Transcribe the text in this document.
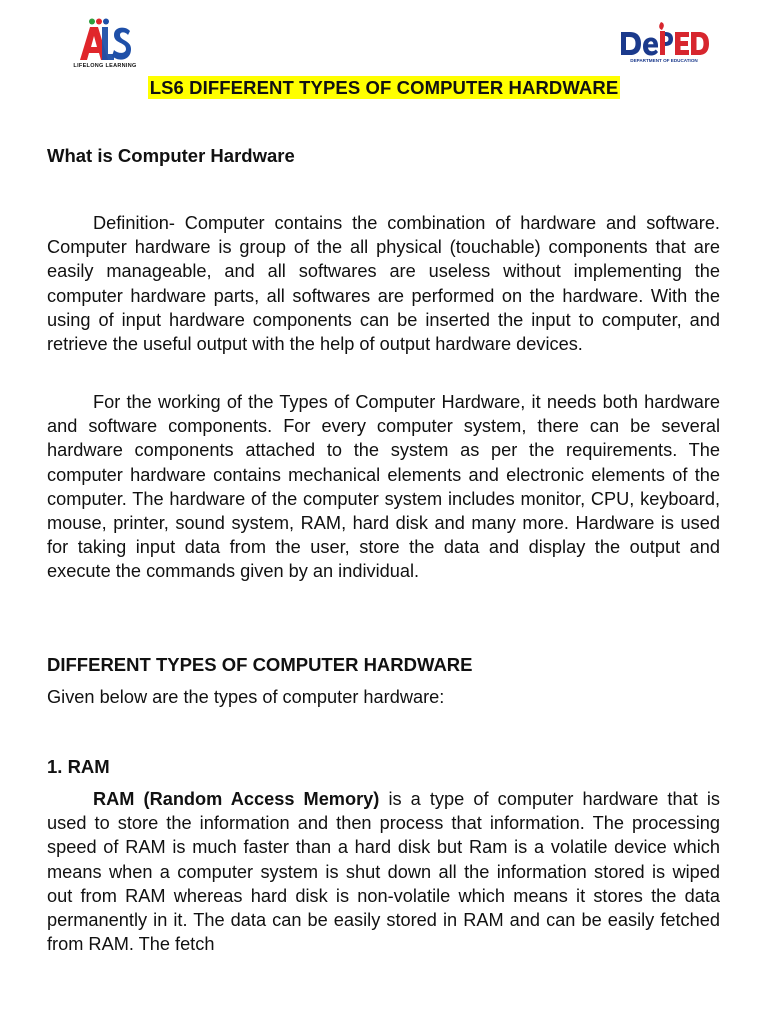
LIFELONG LEARNING
DEPARTMENT OF EDUCATION
LS6 DIFFERENT TYPES OF COMPUTER HARDWARE
What is Computer Hardware

Definition- Computer contains the combination of hardware and software. Computer hardware is group of the all physical (touchable) components that are easily manageable, and all softwares are useless without implementing the computer hardware parts, all softwares are performed on the hardware. With the using of input hardware components can be inserted the input to computer, and retrieve the useful output with the help of output hardware devices.

For the working of the Types of Computer Hardware, it needs both hardware and software components. For every computer system, there can be several hardware components attached to the system as per the requirements. The computer hardware contains mechanical elements and electronic elements of the computer. The hardware of the computer system includes monitor, CPU, keyboard, mouse, printer, sound system, RAM, hard disk and many more. Hardware is used for taking input data from the user, store the data and display the output and execute the commands given by an individual.

DIFFERENT TYPES OF COMPUTER HARDWARE
Given below are the types of computer hardware:
1. RAM

RAM (Random Access Memory) is a type of computer hardware that is used to store the information and then process that information. The processing speed of RAM is much faster than a hard disk but Ram is a volatile device which means when a computer system is shut down all the information stored is wiped out from RAM whereas hard disk is non-volatile which means it stores the data permanently in it. The data can be easily stored in RAM and can be easily fetched from RAM. The fetch
